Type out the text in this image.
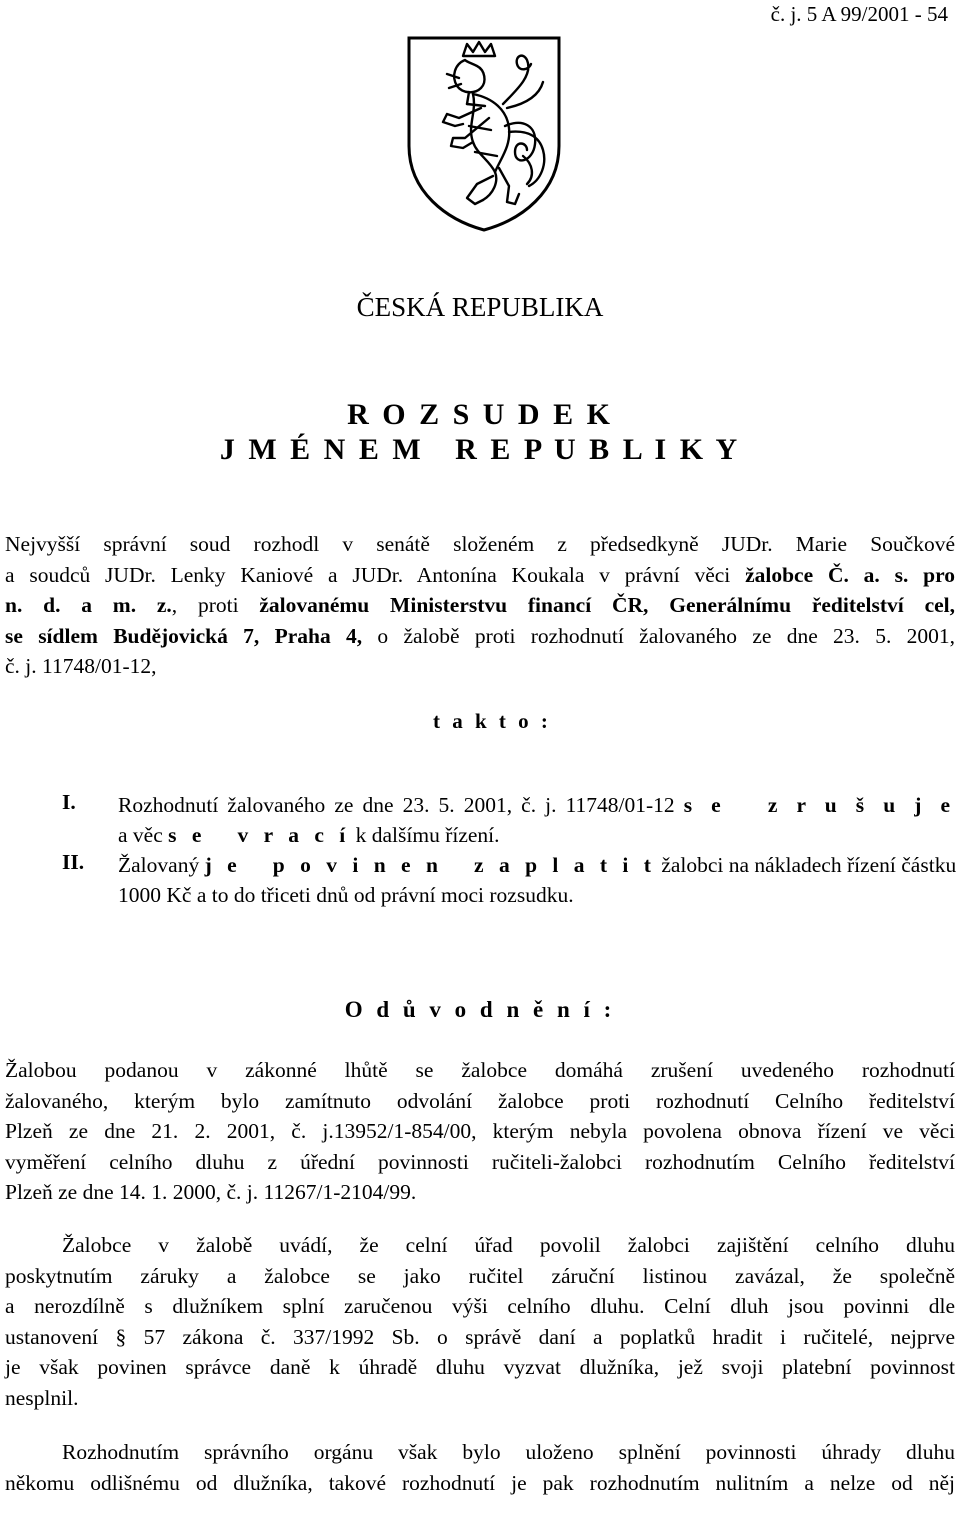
č. j. 5 A 99/2001 - 54
ČESKÁ REPUBLIKA
R O Z S U D E K
J M É N E M   R E P U B L I K Y
Nejvyšší správní soud rozhodl v senátě složeném z předsedkyně JUDr. Marie Součkové
a soudců JUDr. Lenky Kaniové a JUDr. Antonína Koukala v právní věci žalobce Č. a. s. pro
n. d. a m. z., proti žalovanému Ministerstvu financí ČR, Generálnímu ředitelství cel,
se sídlem Budějovická 7, Praha 4, o žalobě proti rozhodnutí žalovaného ze dne 23. 5. 2001,
č. j. 11748/01-12,
t a k t o :
I. Rozhodnutí žalovaného ze dne 23. 5. 2001, č. j. 11748/01-12 s e   z r u š u j e
a věc s e   v r a c í k dalšímu řízení.
II. Žalovaný j e   p o v i n e n   z a p l a t i t žalobci na nákladech řízení částku
1000 Kč a to do třiceti dnů od právní moci rozsudku.
O d ů v o d n ě n í :
Žalobou podanou v zákonné lhůtě se žalobce domáhá zrušení uvedeného rozhodnutí
žalovaného, kterým bylo zamítnuto odvolání žalobce proti rozhodnutí Celního ředitelství
Plzeň ze dne 21. 2. 2001, č. j.13952/1-854/00, kterým nebyla povolena obnova řízení ve věci
vyměření celního dluhu z úřední povinnosti ručiteli-žalobci rozhodnutím Celního ředitelství
Plzeň ze dne 14. 1. 2000, č. j. 11267/1-2104/99.
Žalobce v žalobě uvádí, že celní úřad povolil žalobci zajištění celního dluhu
poskytnutím záruky a žalobce se jako ručitel záruční listinou zavázal, že společně
a nerozdílně s dlužníkem splní zaručenou výši celního dluhu. Celní dluh jsou povinni dle
ustanovení § 57 zákona č. 337/1992 Sb. o správě daní a poplatků hradit i ručitelé, nejprve
je však povinen správce daně k úhradě dluhu vyzvat dlužníka, jež svoji platební povinnost
nesplnil.
Rozhodnutím správního orgánu však bylo uloženo splnění povinnosti úhrady dluhu
někomu odlišnému od dlužníka, takové rozhodnutí je pak rozhodnutím nulitním a nelze od něj
